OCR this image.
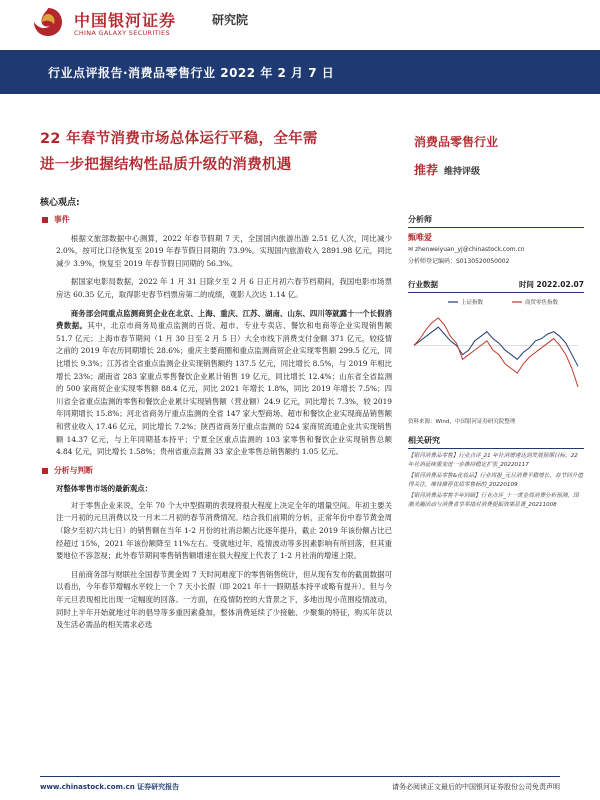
中国银河证券
CHINA GALAXY SECURITIES
研究院
行业点评报告·消费品零售行业 2022 年 2 月 7 日
22 年春节消费市场总体运行平稳，全年需
进一步把握结构性品质升级的消费机遇
消费品零售行业
推荐 维持评级
核心观点:
事件

根据文旅部数据中心测算，2022 年春节假期 7 天，全国国内旅游出游 2.51 亿人次，同比减少 2.0%，按可比口径恢复至 2019 年春节假日同期的 73.9%。实现国内旅游收入 2891.98 亿元，同比减少 3.9%，恢复至 2019 年春节假日同期的 56.3%。

据国家电影局数据，2022 年 1 月 31 日除夕至 2 月 6 日正月初六春节档期间，我国电影市场票房达 60.35 亿元，取得影史春节档票房第二的成绩，观影人次达 1.14 亿。

商务部会同重点监测商贸企业在北京、上海、重庆、江苏、湖南、山东、四川等就露十一个长假消费数据。其中，北京市商务局重点监测的百货、超市、专业专卖店、餐饮和电商等企业实现销售额 51.7 亿元；上海市春节期间（1 月 30 日至 2 月 5 日）大全市线下消费支付金额 371 亿元，较疫情之前的 2019 年农历同期增长 28.6%；重庆主要商圈和重点监测商贸企业实现零售额 299.5 亿元，同比增长 9.3%；江苏省全省重点监测企业实现销售额约 137.5 亿元，同比增长 8.5%，与 2019 年相比增长 23%；湖南省 283 家重点零售餐饮企业累计销售 19 亿元，同比增长 12.4%；山东省全省监测的 500 家商贸企业实现零售额 88.4 亿元，同比 2021 年增长 1.8%，同比 2019 年增长 7.5%；四川省全省重点监测的零售和餐饮企业累计实现销售额（营业额）24.9 亿元，同比增长 7.3%，较 2019 年同期增长 15.8%；河北省商务厅重点监测的全省 147 家大型商场、超市和餐饮企业实现商品销售额和营业收入 17.46 亿元，同比增长 7.2%；陕西省商务厅重点监测的 524 家商贸流通企业共实现销售额 14.37 亿元，与上年同期基本持平；宁夏全区重点监测的 103 家零售和餐饮企业实现销售总额 4.84 亿元，同比增长 1.58%；贵州省重点监测 33 家企业零售总销售额约 1.05 亿元。

分析与判断
对整体零售市场的最新观点：

对于零售企业来说，全年 70 个大中型假期的表现将很大程度上决定全年的增量空间。年初主要关注一月初的元旦消费以及一月末二月初的春节消费情况。结合我们前期的分析，正常年份中春节黄金周（除夕至初六共七日）的销售额在当年 1-2 月份的社消总额占比逐年提升，截止 2019 年该份额占比已经超过 15%，2021 年该份额降至 11%左右。受就地过年、疫情波动等多因素影响有所回落，但其重要地位不容忽视；此外春节期间零售销售额增速在很大程度上代表了 1-2 月社消的增速上限。

目前商务部与财联社全国春节黄金周 7 天时间难度下的零售销售统计，但从现有发布的截面数据可以看出，今年春节增幅水平较上一个 7 天小长假（即 2021 年十一假期基本持平或略有提升）。但与今年元旦表现相比出现一定幅度的回落。一方面，在疫情防控的大背景之下，多地出现小范围疫情波动，同时上半年开始就地过年的倡导等多重因素叠加，整体消费延续了少接触、少聚集的特征，购买年货以及生活必需品的相关需求必选

分析师
甄唯爱
✉ zhenweiyuan_yj@chinastock.com.cn
分析师登记编码：S0130520050002
行业数据	时间 2022.02.07
上证指数	商贸零售指数
资料来源：Wind，中国银河证券研究院整理
相关研究
【银河消费品零售】行业点评_21 年社消增速达到发展预期目标，22 年社消延续重变进一步推持稳定扩张_20220117
【银河消费品零售&化妆品】行业周报_元旦消费平稳增长，春节回升值得关注，维持推荐优质零售标的_20220109
【银河消费品零售半年回顾】行业点评_十一黄金周消费分析预测，国潮美趣活动与消费者享举措对消费提振效果显著_20211008
www.chinastock.com.cn 证券研究报告	请务必阅读正文最后的中国银河证券股份公司免责声明
